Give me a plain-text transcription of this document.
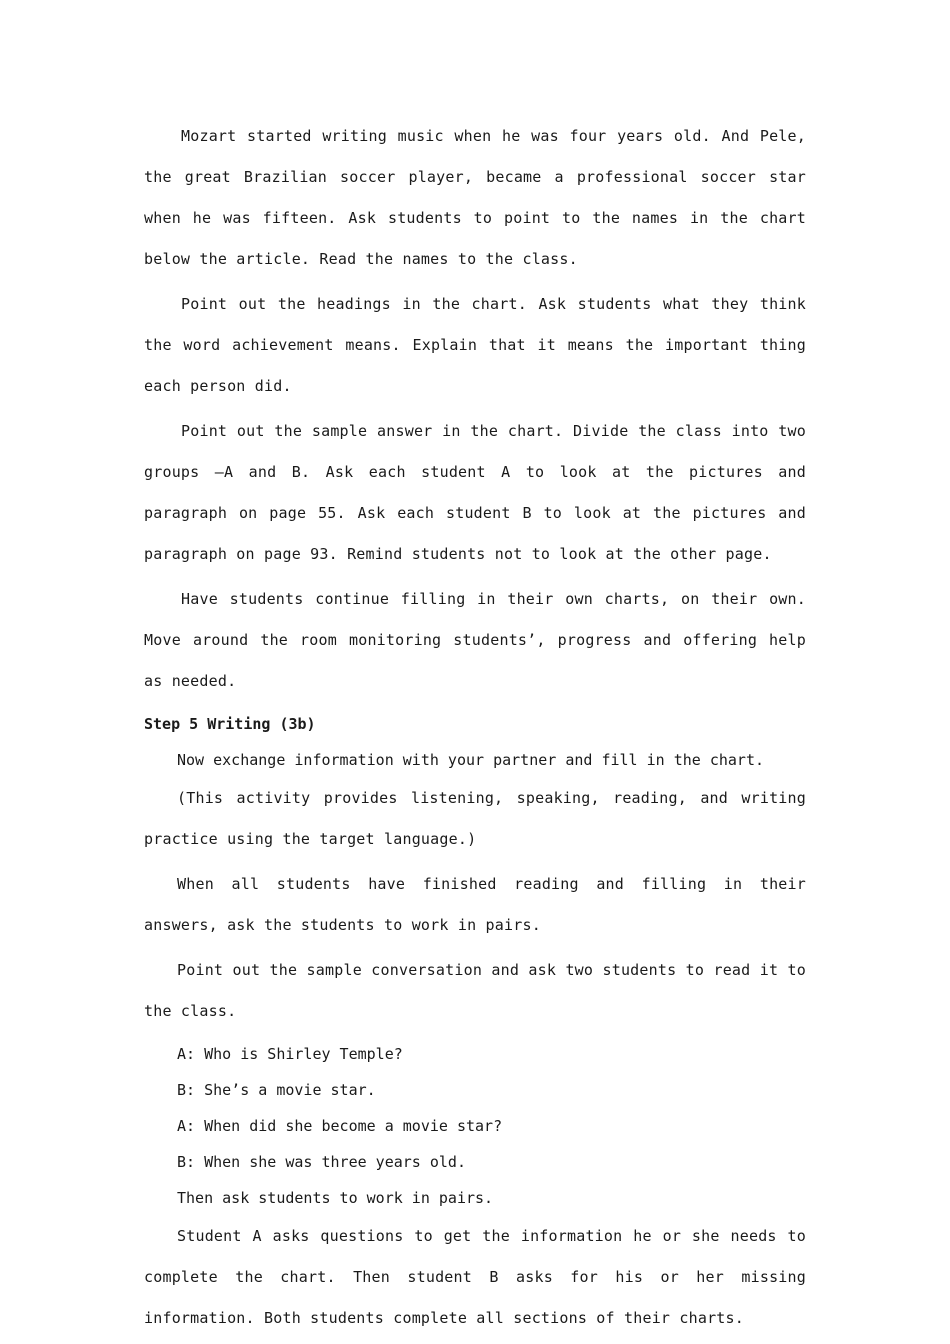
Mozart started writing music when he was four years old. And Pele, the great Brazilian soccer player, became a professional soccer star when he was fifteen. Ask students to point to the names in the chart below the article. Read the names to the class.

Point out the headings in the chart. Ask students what they think the word achievement means. Explain that it means the important thing each person did.

Point out the sample answer in the chart. Divide the class into two groups —A and B. Ask each student A to look at the pictures and paragraph on page 55. Ask each student B to look at the pictures and paragraph on page 93. Remind students not to look at the other page.

Have students continue filling in their own charts, on their own. Move around the room monitoring students’, progress and offering help as needed.

Step 5 Writing (3b)

Now exchange information with your partner and fill in the chart.

(This activity provides listening, speaking, reading, and writing practice using the target language.)

When all students have finished reading and filling in their answers, ask the students to work in pairs.

Point out the sample conversation and ask two students to read it to the class.

A: Who is Shirley Temple?

B: She’s a movie star.

A: When did she become a movie star?

B: When she was three years old.

Then ask students to work in pairs.

Student A asks questions to get the information he or she needs to complete the chart. Then student B asks for his or her missing information. Both students complete all sections of their charts.
